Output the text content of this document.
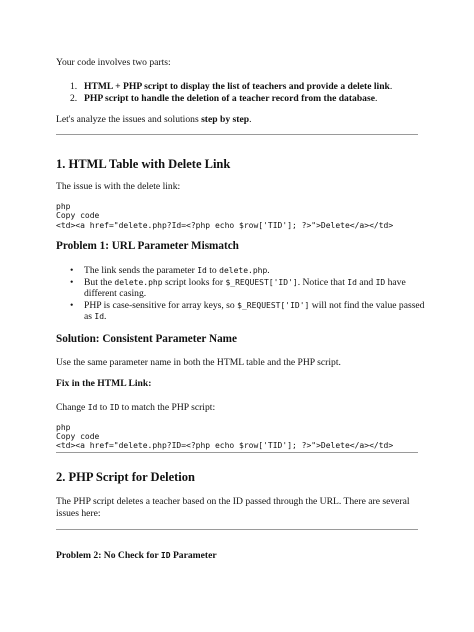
Your code involves two parts:
1. HTML + PHP script to display the list of teachers and provide a delete link.
2. PHP script to handle the deletion of a teacher record from the database.
Let's analyze the issues and solutions step by step.
1. HTML Table with Delete Link
The issue is with the delete link:
php
Copy code
<td><a href="delete.php?Id=<?php echo $row['TID']; ?>">Delete</a></td>
Problem 1: URL Parameter Mismatch
• The link sends the parameter Id to delete.php.
• But the delete.php script looks for $_REQUEST['ID']. Notice that Id and ID have
different casing.
• PHP is case-sensitive for array keys, so $_REQUEST['ID'] will not find the value passed
as Id.
Solution: Consistent Parameter Name
Use the same parameter name in both the HTML table and the PHP script.
Fix in the HTML Link:
Change Id to ID to match the PHP script:
php
Copy code
<td><a href="delete.php?ID=<?php echo $row['TID']; ?>">Delete</a></td>
2. PHP Script for Deletion
The PHP script deletes a teacher based on the ID passed through the URL. There are several
issues here:
Problem 2: No Check for ID Parameter
